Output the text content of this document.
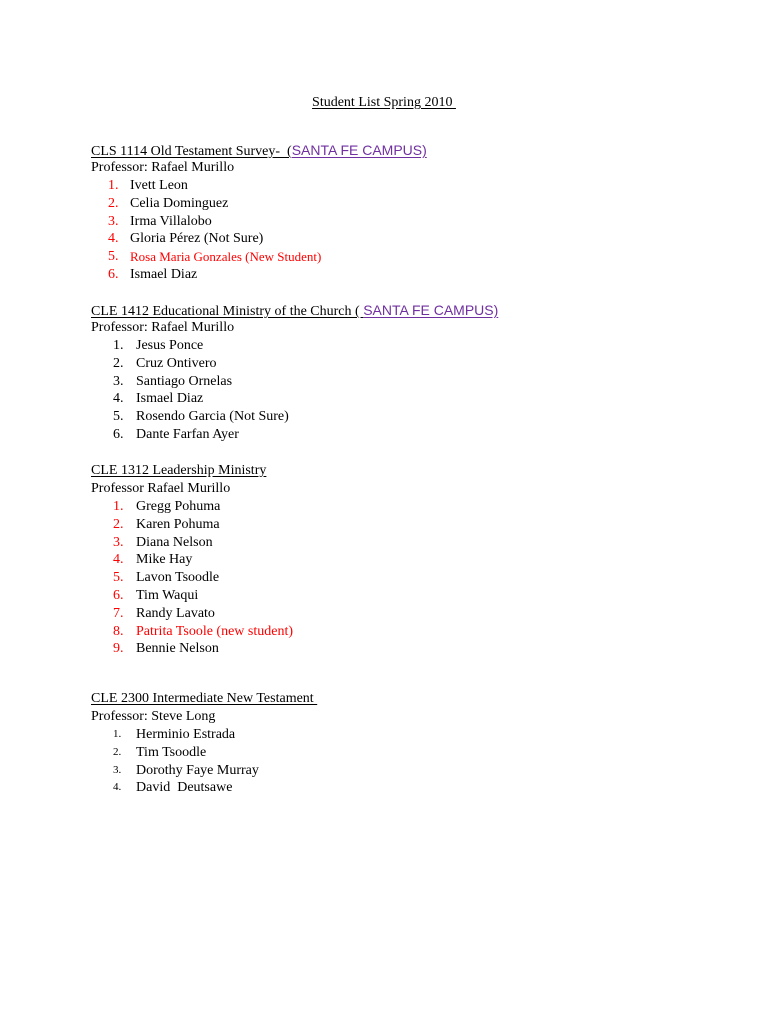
Student List Spring 2010
CLS 1114 Old Testament Survey-  (SANTA FE CAMPUS)
Professor: Rafael Murillo
1. Ivett Leon
2. Celia Dominguez
3. Irma Villalobo
4. Gloria Pérez (Not Sure)
5. Rosa Maria Gonzales (New Student)
6. Ismael Diaz
CLE 1412 Educational Ministry of the Church ( SANTA FE CAMPUS)
Professor: Rafael Murillo
1. Jesus Ponce
2. Cruz Ontivero
3. Santiago Ornelas
4. Ismael Diaz
5. Rosendo Garcia (Not Sure)
6. Dante Farfan Ayer
CLE 1312 Leadership Ministry
Professor Rafael Murillo
1. Gregg Pohuma
2. Karen Pohuma
3. Diana Nelson
4. Mike Hay
5. Lavon Tsoodle
6. Tim Waqui
7. Randy Lavato
8. Patrita Tsoole (new student)
9. Bennie Nelson
CLE 2300 Intermediate New Testament
Professor: Steve Long
1. Herminio Estrada
2. Tim Tsoodle
3. Dorothy Faye Murray
4. David  Deutsawe
